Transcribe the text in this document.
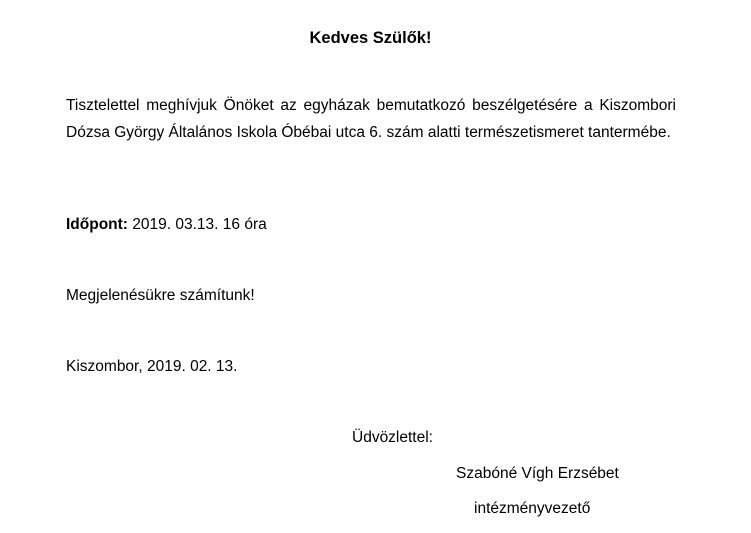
Kedves Szülők!
Tisztelettel meghívjuk Önöket az egyházak bemutatkozó beszélgetésére a Kiszombori Dózsa György Általános Iskola Óbébai utca 6. szám alatti természetismeret tantermébe.
Időpont: 2019. 03.13. 16 óra
Megjelenésükre számítunk!
Kiszombor, 2019. 02. 13.
Üdvözlettel:
Szabóné Vígh Erzsébet
intézményvezető
